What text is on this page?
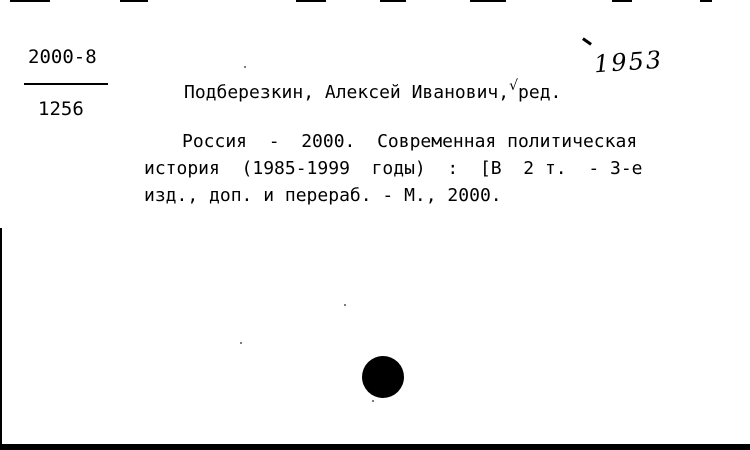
2000-8
1256
1953
Подберезкин, Алексей Иванович,√ред.
Россия  -  2000.  Современная политическая
история  (1985-1999  годы)  :  [В  2 т.  - 3-е
изд., доп. и перераб. - М., 2000.
